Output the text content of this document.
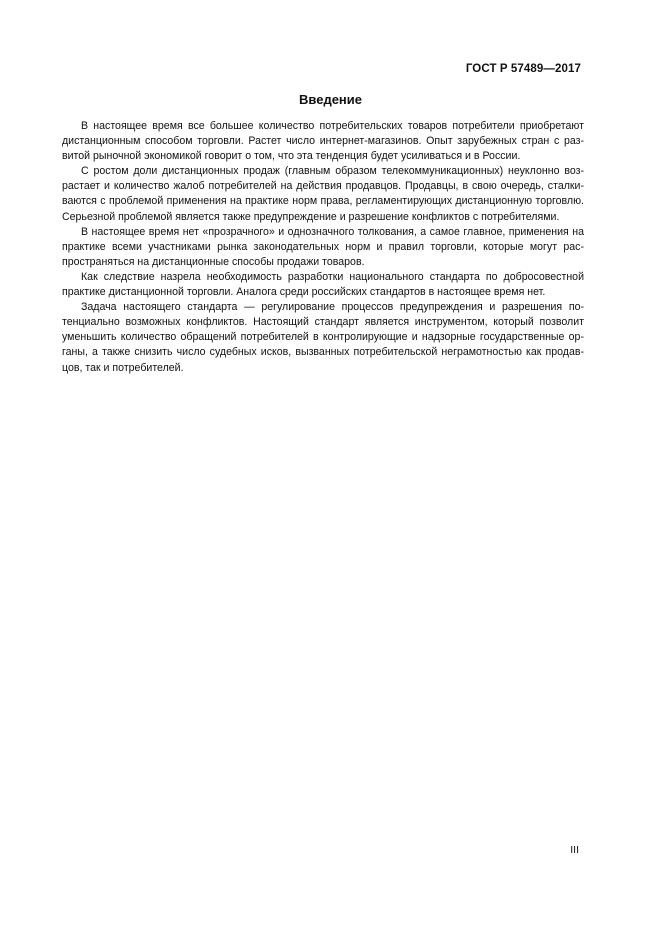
ГОСТ Р 57489—2017
Введение

В настоящее время все большее количество потребительских товаров потребители приобретают дистанционным способом торговли. Растет число интернет-магазинов. Опыт зарубежных стран с развитой рыночной экономикой говорит о том, что эта тенденция будет усиливаться и в России.

С ростом доли дистанционных продаж (главным образом телекоммуникационных) неуклонно возрастает и количество жалоб потребителей на действия продавцов. Продавцы, в свою очередь, сталкиваются с проблемой применения на практике норм права, регламентирующих дистанционную торговлю. Серьезной проблемой является также предупреждение и разрешение конфликтов с потребителями.

В настоящее время нет «прозрачного» и однозначного толкования, а самое главное, применения на практике всеми участниками рынка законодательных норм и правил торговли, которые могут распространяться на дистанционные способы продажи товаров.

Как следствие назрела необходимость разработки национального стандарта по добросовестной практике дистанционной торговли. Аналога среди российских стандартов в настоящее время нет.

Задача настоящего стандарта — регулирование процессов предупреждения и разрешения потенциально возможных конфликтов. Настоящий стандарт является инструментом, который позволит уменьшить количество обращений потребителей в контролирующие и надзорные государственные органы, а также снизить число судебных исков, вызванных потребительской неграмотностью как продавцов, так и потребителей.

III
